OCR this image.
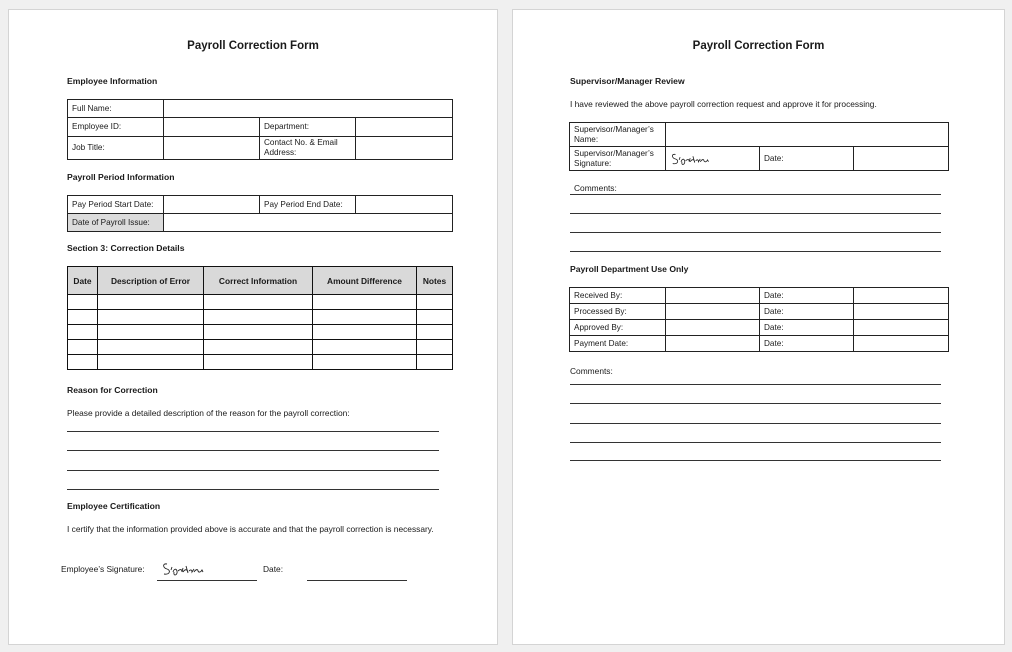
Payroll Correction Form
Employee Information
Full Name:			
Employee ID:		Department:	
Job Title:		Contact No. & Email Address:	
Payroll Period Information
Pay Period Start Date:		Pay Period End Date:	
Date of Payroll Issue:			
Section 3: Correction Details
Date	Description of Error	Correct Information	Amount Difference	Notes

Reason for Correction
Please provide a detailed description of the reason for the payroll correction:
Employee Certification
I certify that the information provided above is accurate and that the payroll correction is necessary.
Employee’s Signature:	Date:
Payroll Correction Form
Supervisor/Manager Review
I have reviewed the above payroll correction request and approve it for processing.
Supervisor/Manager’s Name:			
Supervisor/Manager’s Signature:		Date:	
Comments:
Payroll Department Use Only
Received By:		Date:	
Processed By:		Date:	
Approved By:		Date:	
Payment Date:		Date:	
Comments:
